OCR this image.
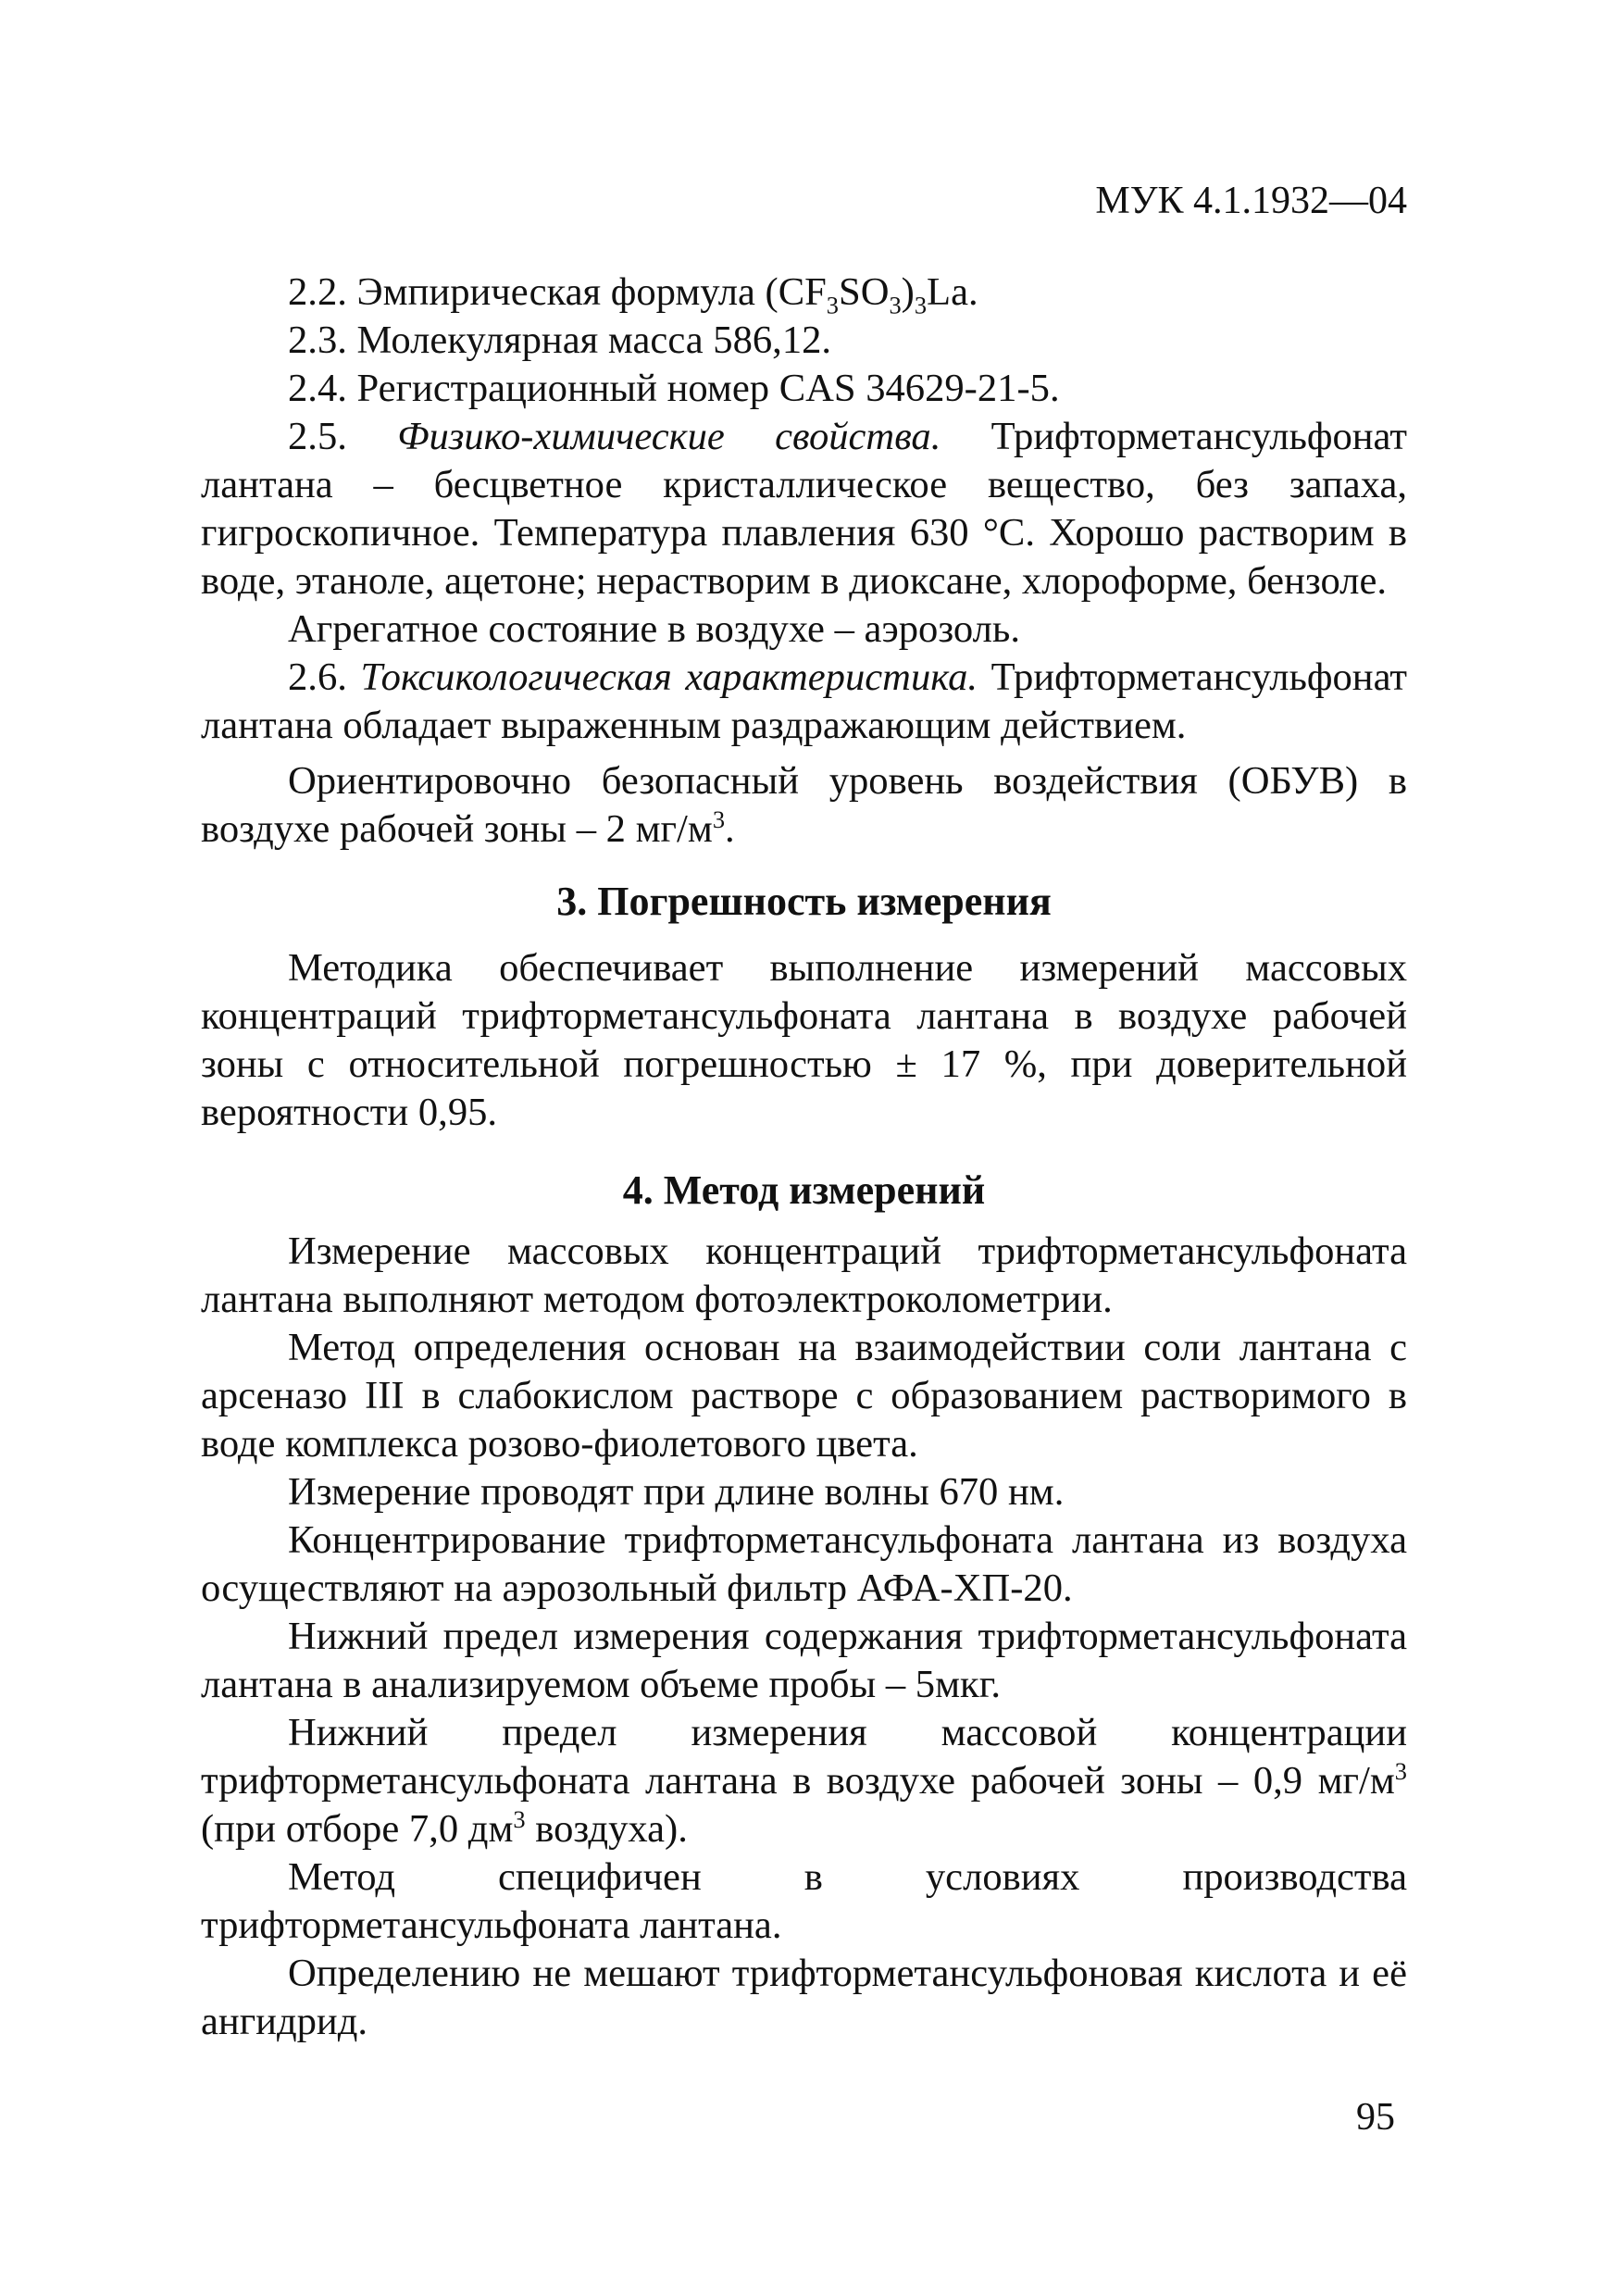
МУК 4.1.1932—04

2.2. Эмпирическая формула $(CF_3SO_3)_3La$.

2.3. Молекулярная масса 586,12.

2.4. Регистрационный номер CAS 34629-21-5.

2.5. Физико-химические свойства. Трифторметансульфонат лантана – бесцветное кристаллическое вещество, без запаха, гигроскопичное. Температура плавления 630 °С. Хорошо растворим в воде, этаноле, ацетоне; нерастворим в диоксане, хлороформе, бензоле.

Агрегатное состояние в воздухе – аэрозоль.

2.6. Токсикологическая характеристика. Трифторметансульфонат лантана обладает выраженным раздражающим действием.

Ориентировочно безопасный уровень воздействия (ОБУВ) в воздухе рабочей зоны – 2 $мг/м^3$.

3. Погрешность измерения

Методика обеспечивает выполнение измерений массовых концентраций трифторметансульфоната лантана в воздухе рабочей зоны с относительной погрешностью ± 17 %, при доверительной вероятности 0,95.

4. Метод измерений

Измерение массовых концентраций трифторметансульфоната лантана выполняют методом фотоэлектроколометрии.

Метод определения основан на взаимодействии соли лантана с арсеназо III в слабокислом растворе с образованием растворимого в воде комплекса розово-фиолетового цвета.

Измерение проводят при длине волны 670 нм.

Концентрирование трифторметансульфоната лантана из воздуха осуществляют на аэрозольный фильтр АФА-ХП-20.

Нижний предел измерения содержания трифторметансульфоната лантана в анализируемом объеме пробы – 5мкг.

Нижний предел измерения массовой концентрации трифторметансульфоната лантана в воздухе рабочей зоны – 0,9 $мг/м^3$ (при отборе 7,0 $дм^3$ воздуха).

Метод специфичен в условиях производства трифторметансульфоната лантана.

Определению не мешают трифторметансульфоновая кислота и её ангидрид.

95
